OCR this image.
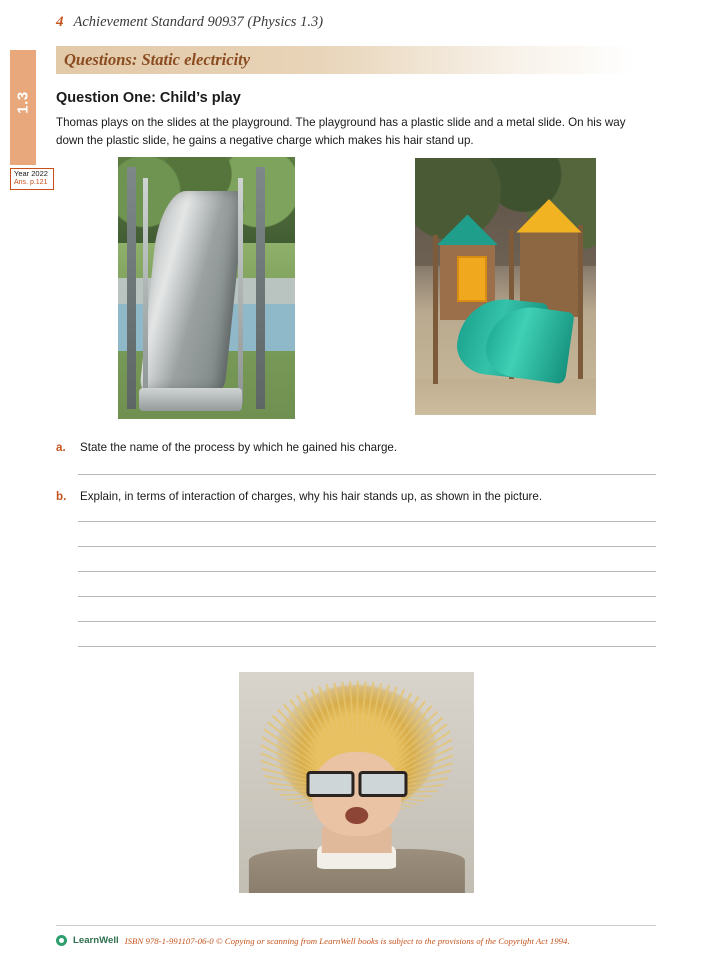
1.3
Year 2022
Ans. p.121
4 Achievement Standard 90937 (Physics 1.3)
Questions: Static electricity
Question One: Child’s play
Thomas plays on the slides at the playground. The playground has a plastic slide and a metal slide. On his way down the plastic slide, he gains a negative charge which makes his hair stand up.
a.	State the name of the process by which he gained his charge.
b.	Explain, in terms of interaction of charges, why his hair stands up, as shown in the picture.
LearnWell ISBN 978-1-991107-06-0 © Copying or scanning from LearnWell books is subject to the provisions of the Copyright Act 1994.
